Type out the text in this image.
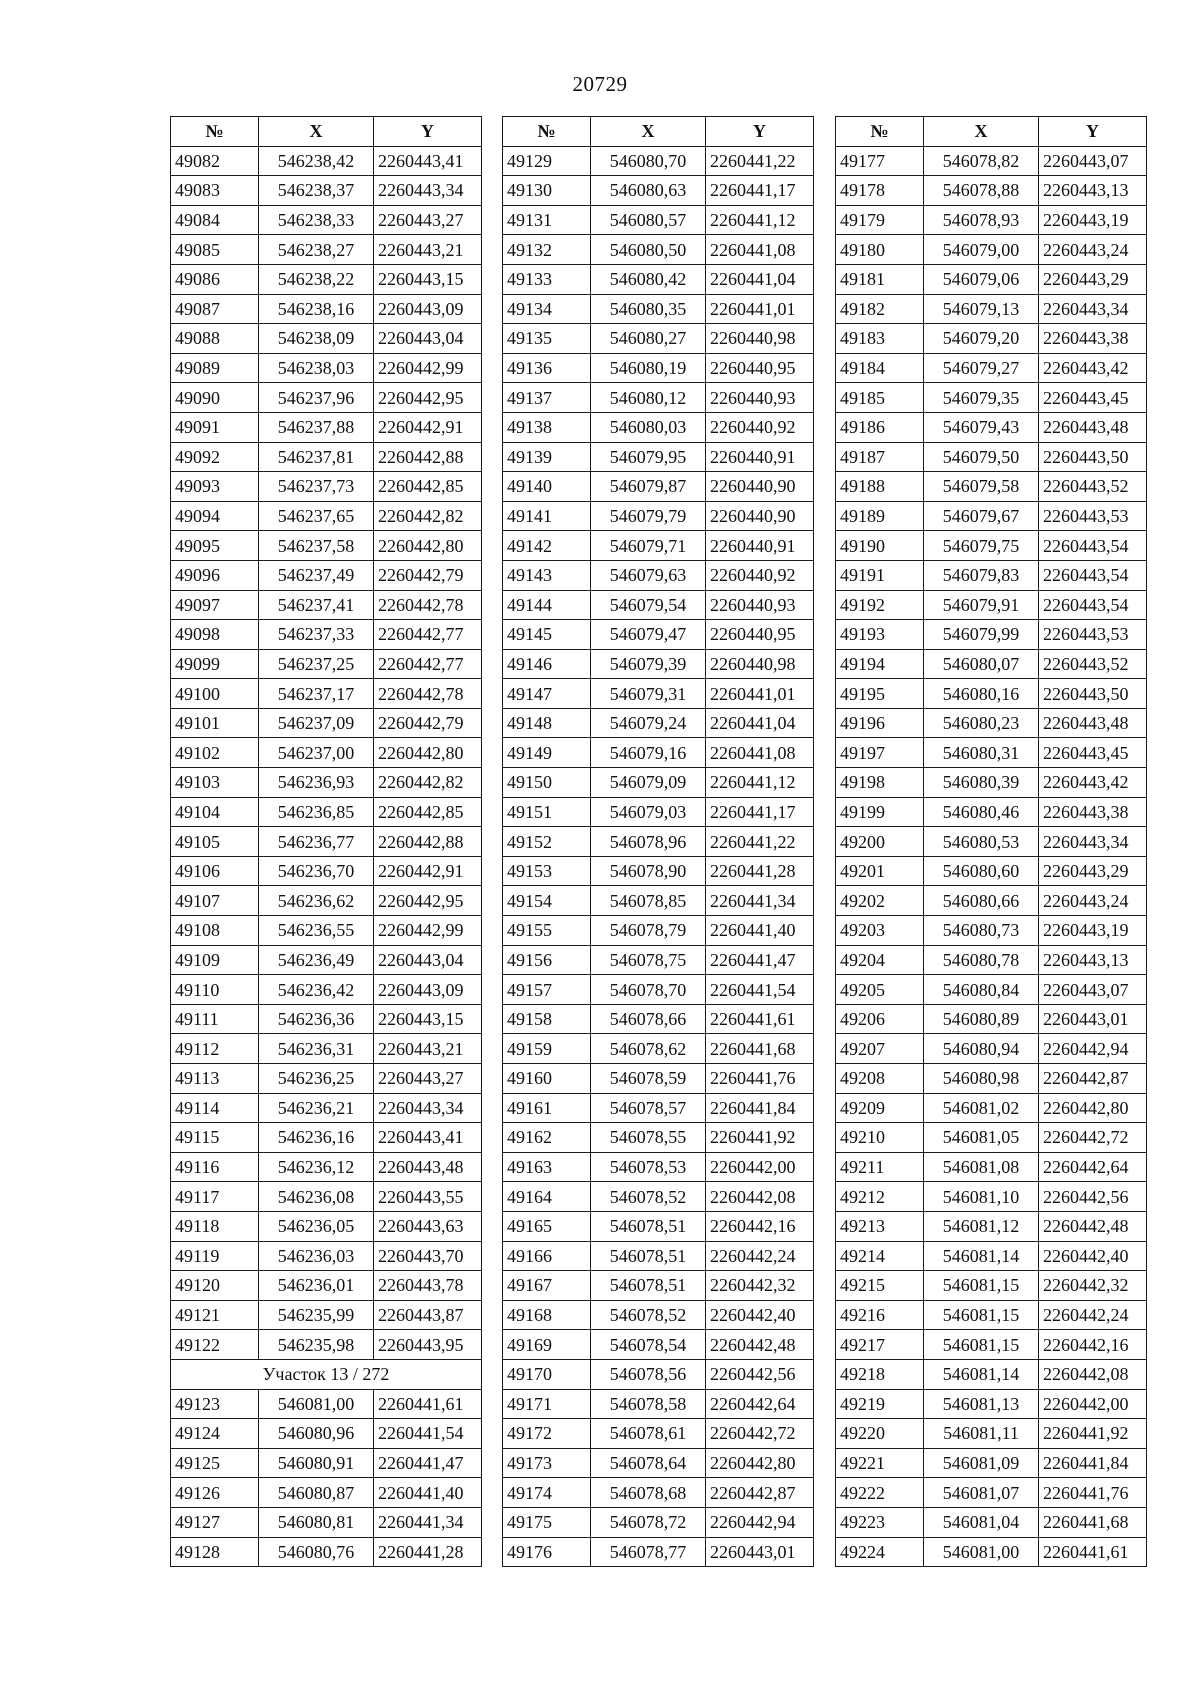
20729
№	X	Y
49082	546238,42	2260443,41
49083	546238,37	2260443,34
49084	546238,33	2260443,27
49085	546238,27	2260443,21
49086	546238,22	2260443,15
49087	546238,16	2260443,09
49088	546238,09	2260443,04
49089	546238,03	2260442,99
49090	546237,96	2260442,95
49091	546237,88	2260442,91
49092	546237,81	2260442,88
49093	546237,73	2260442,85
49094	546237,65	2260442,82
49095	546237,58	2260442,80
49096	546237,49	2260442,79
49097	546237,41	2260442,78
49098	546237,33	2260442,77
49099	546237,25	2260442,77
49100	546237,17	2260442,78
49101	546237,09	2260442,79
49102	546237,00	2260442,80
49103	546236,93	2260442,82
49104	546236,85	2260442,85
49105	546236,77	2260442,88
49106	546236,70	2260442,91
49107	546236,62	2260442,95
49108	546236,55	2260442,99
49109	546236,49	2260443,04
49110	546236,42	2260443,09
49111	546236,36	2260443,15
49112	546236,31	2260443,21
49113	546236,25	2260443,27
49114	546236,21	2260443,34
49115	546236,16	2260443,41
49116	546236,12	2260443,48
49117	546236,08	2260443,55
49118	546236,05	2260443,63
49119	546236,03	2260443,70
49120	546236,01	2260443,78
49121	546235,99	2260443,87
49122	546235,98	2260443,95
Участок 13 / 272		
49123	546081,00	2260441,61
49124	546080,96	2260441,54
49125	546080,91	2260441,47
49126	546080,87	2260441,40
49127	546080,81	2260441,34
49128	546080,76	2260441,28
№	X	Y
49129	546080,70	2260441,22
49130	546080,63	2260441,17
49131	546080,57	2260441,12
49132	546080,50	2260441,08
49133	546080,42	2260441,04
49134	546080,35	2260441,01
49135	546080,27	2260440,98
49136	546080,19	2260440,95
49137	546080,12	2260440,93
49138	546080,03	2260440,92
49139	546079,95	2260440,91
49140	546079,87	2260440,90
49141	546079,79	2260440,90
49142	546079,71	2260440,91
49143	546079,63	2260440,92
49144	546079,54	2260440,93
49145	546079,47	2260440,95
49146	546079,39	2260440,98
49147	546079,31	2260441,01
49148	546079,24	2260441,04
49149	546079,16	2260441,08
49150	546079,09	2260441,12
49151	546079,03	2260441,17
49152	546078,96	2260441,22
49153	546078,90	2260441,28
49154	546078,85	2260441,34
49155	546078,79	2260441,40
49156	546078,75	2260441,47
49157	546078,70	2260441,54
49158	546078,66	2260441,61
49159	546078,62	2260441,68
49160	546078,59	2260441,76
49161	546078,57	2260441,84
49162	546078,55	2260441,92
49163	546078,53	2260442,00
49164	546078,52	2260442,08
49165	546078,51	2260442,16
49166	546078,51	2260442,24
49167	546078,51	2260442,32
49168	546078,52	2260442,40
49169	546078,54	2260442,48
49170	546078,56	2260442,56
49171	546078,58	2260442,64
49172	546078,61	2260442,72
49173	546078,64	2260442,80
49174	546078,68	2260442,87
49175	546078,72	2260442,94
49176	546078,77	2260443,01
№	X	Y
49177	546078,82	2260443,07
49178	546078,88	2260443,13
49179	546078,93	2260443,19
49180	546079,00	2260443,24
49181	546079,06	2260443,29
49182	546079,13	2260443,34
49183	546079,20	2260443,38
49184	546079,27	2260443,42
49185	546079,35	2260443,45
49186	546079,43	2260443,48
49187	546079,50	2260443,50
49188	546079,58	2260443,52
49189	546079,67	2260443,53
49190	546079,75	2260443,54
49191	546079,83	2260443,54
49192	546079,91	2260443,54
49193	546079,99	2260443,53
49194	546080,07	2260443,52
49195	546080,16	2260443,50
49196	546080,23	2260443,48
49197	546080,31	2260443,45
49198	546080,39	2260443,42
49199	546080,46	2260443,38
49200	546080,53	2260443,34
49201	546080,60	2260443,29
49202	546080,66	2260443,24
49203	546080,73	2260443,19
49204	546080,78	2260443,13
49205	546080,84	2260443,07
49206	546080,89	2260443,01
49207	546080,94	2260442,94
49208	546080,98	2260442,87
49209	546081,02	2260442,80
49210	546081,05	2260442,72
49211	546081,08	2260442,64
49212	546081,10	2260442,56
49213	546081,12	2260442,48
49214	546081,14	2260442,40
49215	546081,15	2260442,32
49216	546081,15	2260442,24
49217	546081,15	2260442,16
49218	546081,14	2260442,08
49219	546081,13	2260442,00
49220	546081,11	2260441,92
49221	546081,09	2260441,84
49222	546081,07	2260441,76
49223	546081,04	2260441,68
49224	546081,00	2260441,61
